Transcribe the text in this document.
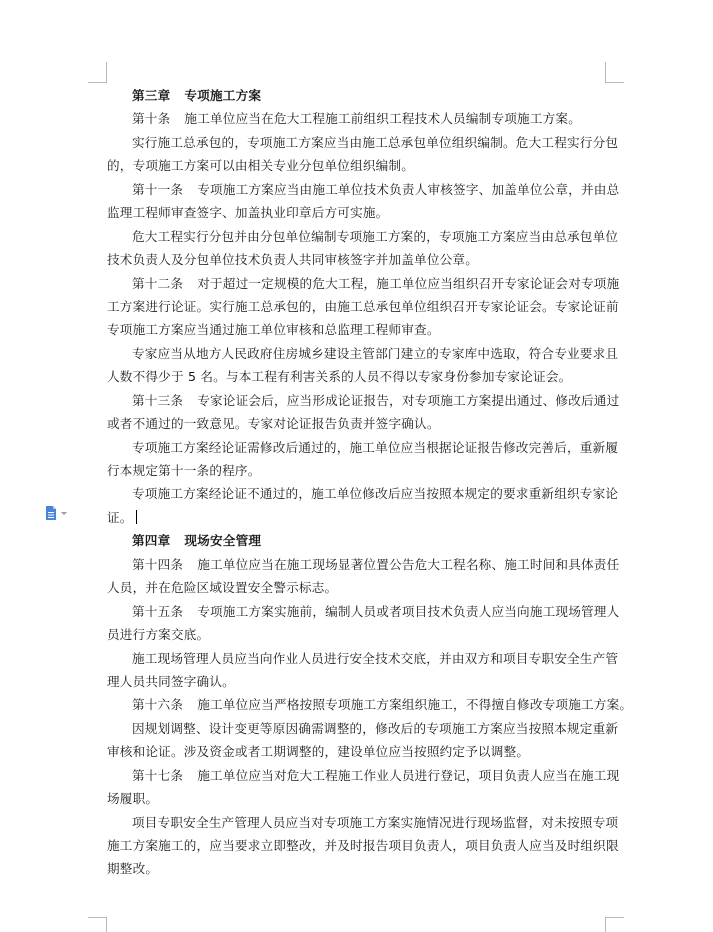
第三章 专项施工方案
第十条 施工单位应当在危大工程施工前组织工程技术人员编制专项施工方案。
实行施工总承包的，专项施工方案应当由施工总承包单位组织编制。危大工程实行分包
的，专项施工方案可以由相关专业分包单位组织编制。
第十一条 专项施工方案应当由施工单位技术负责人审核签字、加盖单位公章，并由总
监理工程师审查签字、加盖执业印章后方可实施。
危大工程实行分包并由分包单位编制专项施工方案的，专项施工方案应当由总承包单位
技术负责人及分包单位技术负责人共同审核签字并加盖单位公章。
第十二条 对于超过一定规模的危大工程，施工单位应当组织召开专家论证会对专项施
工方案进行论证。实行施工总承包的，由施工总承包单位组织召开专家论证会。专家论证前
专项施工方案应当通过施工单位审核和总监理工程师审查。
专家应当从地方人民政府住房城乡建设主管部门建立的专家库中选取，符合专业要求且
人数不得少于 5 名。与本工程有利害关系的人员不得以专家身份参加专家论证会。
第十三条 专家论证会后，应当形成论证报告，对专项施工方案提出通过、修改后通过
或者不通过的一致意见。专家对论证报告负责并签字确认。
专项施工方案经论证需修改后通过的，施工单位应当根据论证报告修改完善后，重新履
行本规定第十一条的程序。
专项施工方案经论证不通过的，施工单位修改后应当按照本规定的要求重新组织专家论
证。
第四章 现场安全管理
第十四条 施工单位应当在施工现场显著位置公告危大工程名称、施工时间和具体责任
人员，并在危险区域设置安全警示标志。
第十五条 专项施工方案实施前，编制人员或者项目技术负责人应当向施工现场管理人
员进行方案交底。
施工现场管理人员应当向作业人员进行安全技术交底，并由双方和项目专职安全生产管
理人员共同签字确认。
第十六条 施工单位应当严格按照专项施工方案组织施工，不得擅自修改专项施工方案。
因规划调整、设计变更等原因确需调整的，修改后的专项施工方案应当按照本规定重新
审核和论证。涉及资金或者工期调整的，建设单位应当按照约定予以调整。
第十七条 施工单位应当对危大工程施工作业人员进行登记，项目负责人应当在施工现
场履职。
项目专职安全生产管理人员应当对专项施工方案实施情况进行现场监督，对未按照专项
施工方案施工的，应当要求立即整改，并及时报告项目负责人，项目负责人应当及时组织限
期整改。
